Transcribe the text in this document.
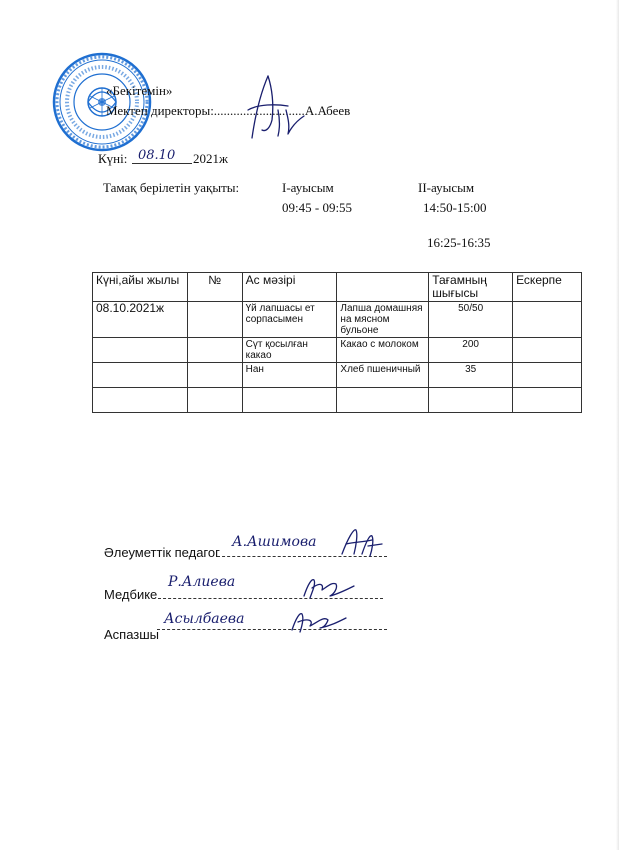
«Бекітемін»
Мектеп директоры:............................А.Абеев
Күні: 08.10 2021ж
Тамақ берілетін уақыты:	I-ауысым
09:45 - 09:55
II-ауысым
14:50-15:00
16:25-16:35
Күні,айы жылы	№	Ас мәзірі		Тағамның шығысы	Ескерпе
08.10.2021ж		Үй лапшасы ет сорпасымен	Лапша домашняя на мясном бульоне	50/50	
		Сүт қосылған какао	Какао с молоком	200	
		Нан	Хлеб пшеничный	35	

Әлеуметтік педагог
А.Ашимова
Медбике
Р.Алиева
Аспазшы
Асылбаева
